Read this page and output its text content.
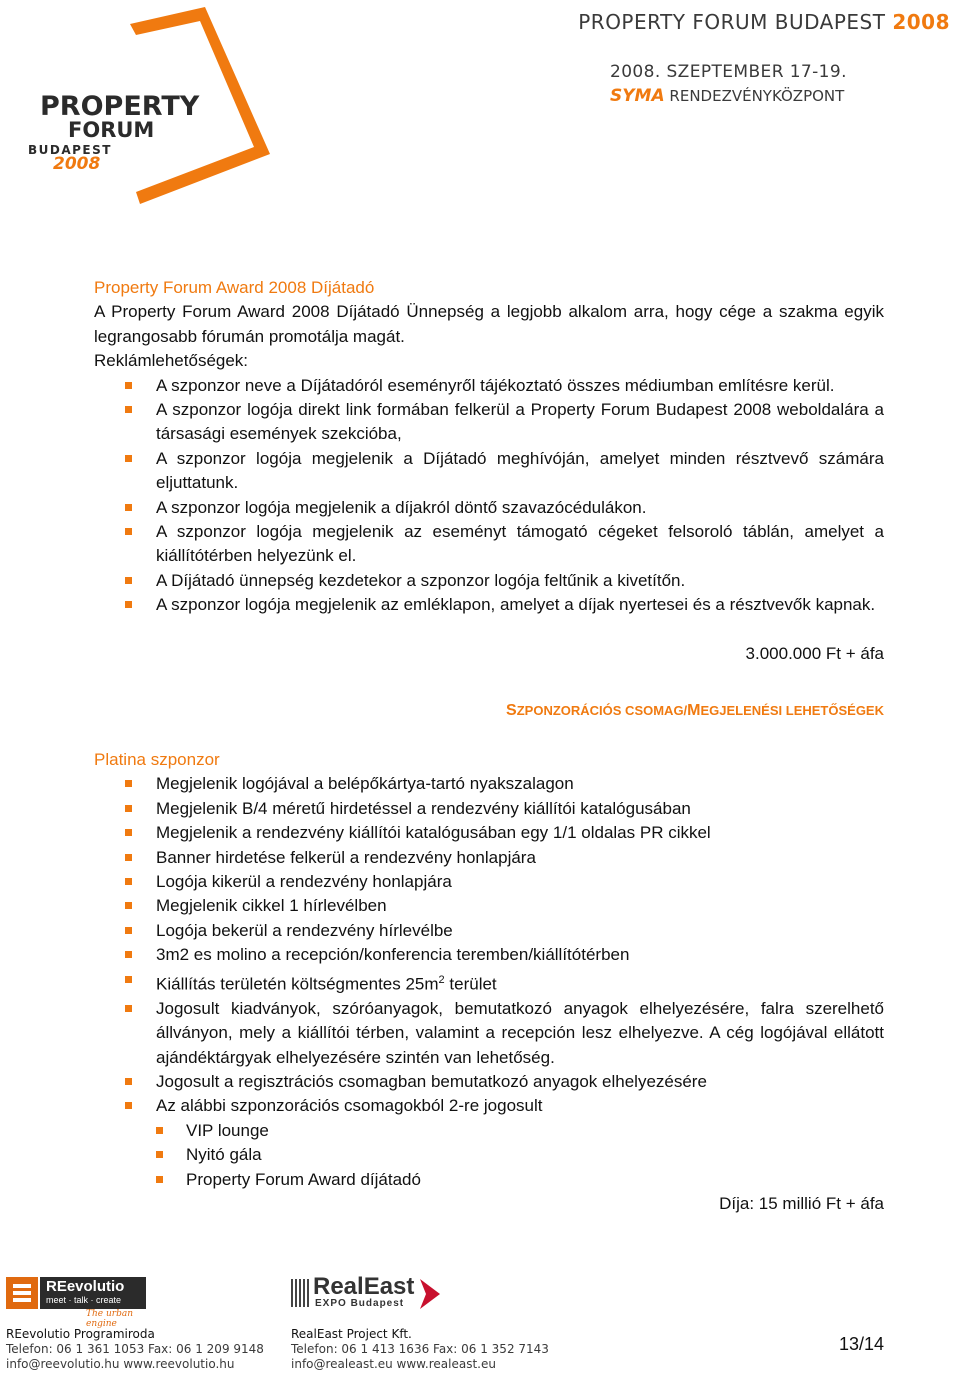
PROPERTY
FORUM
BUDAPEST
2008
PROPERTY FORUM BUDAPEST 2008
2008. SZEPTEMBER 17-19.
SYMA RENDEZVÉNYKÖZPONT
Property Forum Award 2008 Díjátadó
A Property Forum Award 2008 Díjátadó Ünnepség a legjobb alkalom arra, hogy cége a szakma egyik legrangosabb fórumán promotálja magát.
Reklámlehetőségek:
A szponzor neve a Díjátadóról eseményről tájékoztató összes médiumban említésre kerül.
A szponzor logója direkt link formában felkerül a Property Forum Budapest 2008 weboldalára a társasági események szekcióba,
A szponzor logója megjelenik a Díjátadó meghívóján, amelyet minden résztvevő számára eljuttatunk.
A szponzor logója megjelenik a díjakról döntő szavazócédulákon.
A szponzor logója megjelenik az eseményt támogató cégeket felsoroló táblán, amelyet a kiállítótérben helyezünk el.
A Díjátadó ünnepség kezdetekor a szponzor logója feltűnik a kivetítőn.
A szponzor logója megjelenik az emléklapon, amelyet a díjak nyertesei és a résztvevők kapnak.
3.000.000 Ft + áfa
SZPONZORÁCIÓS CSOMAG/MEGJELENÉSI LEHETŐSÉGEK
Platina szponzor
Megjelenik logójával a belépőkártya-tartó nyakszalagon
Megjelenik B/4 méretű hirdetéssel a rendezvény kiállítói katalógusában
Megjelenik a rendezvény kiállítói katalógusában egy 1/1 oldalas PR cikkel
Banner hirdetése felkerül a rendezvény honlapjára
Logója kikerül a rendezvény honlapjára
Megjelenik cikkel 1 hírlevélben
Logója bekerül a rendezvény hírlevélbe
3m2 es molino a recepción/konferencia teremben/kiállítótérben
Kiállítás területén költségmentes $25m^2$ terület
Jogosult kiadványok, szóróanyagok, bemutatkozó anyagok elhelyezésére, falra szerelhető állványon, mely a kiállítói térben, valamint a recepción lesz elhelyezve. A cég logójával ellátott ajándéktárgyak elhelyezésére szintén van lehetőség.
Jogosult a regisztrációs csomagban bemutatkozó anyagok elhelyezésére
Az alábbi szponzorációs csomagokból 2-re jogosult
VIP lounge
Nyitó gála
Property Forum Award díjátadó
Díja: 15 millió Ft + áfa
REevolutio
meet · talk · create
The urban engine
REevolutio Programiroda
Telefon: 06 1 361 1053 Fax: 06 1 209 9148
info@reevolutio.hu www.reevolutio.hu
RealEast
EXPO Budapest
RealEast Project Kft.
Telefon: 06 1 413 1636 Fax: 06 1 352 7143
info@realeast.eu www.realeast.eu
13/14
